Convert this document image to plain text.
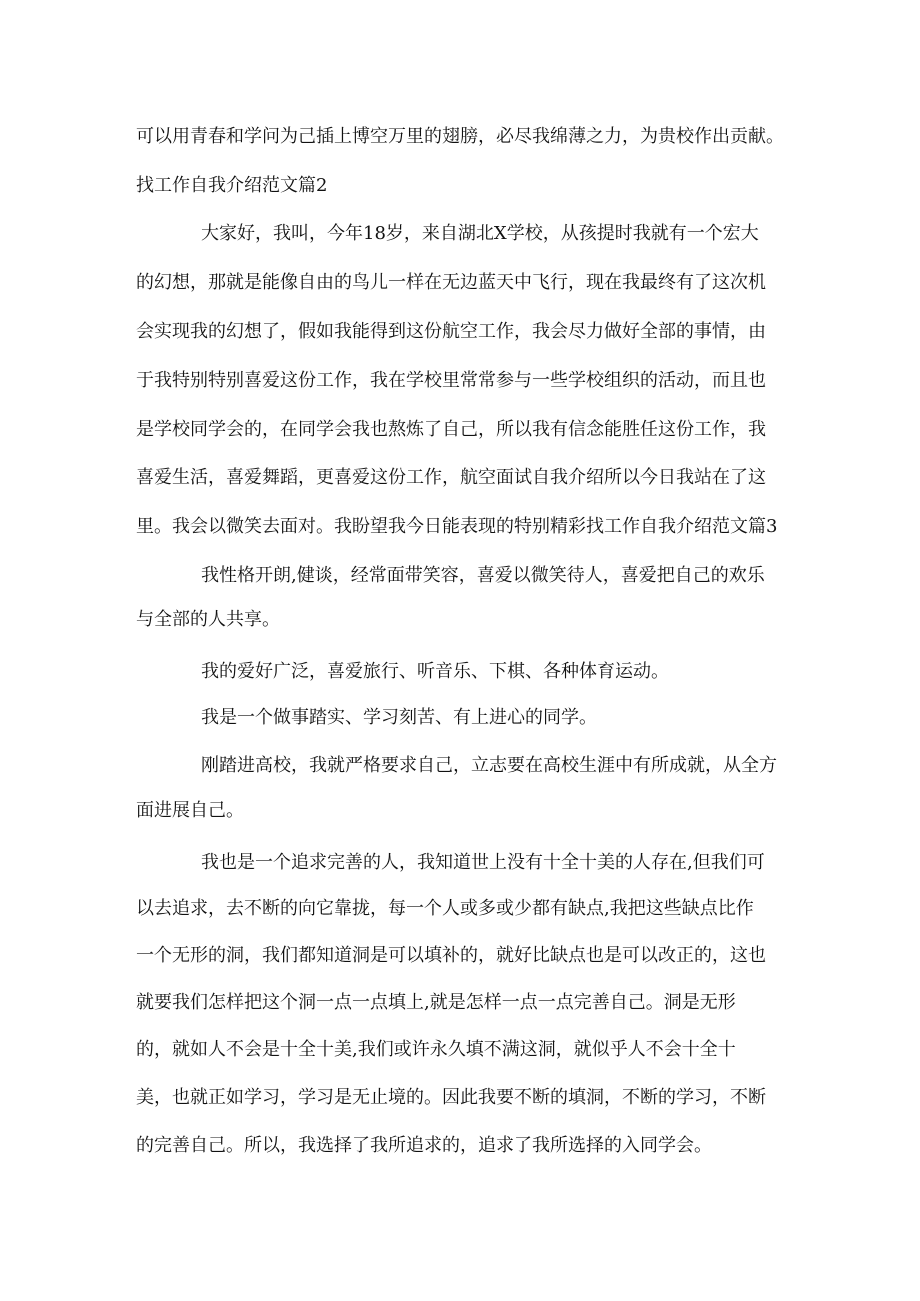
可以用青春和学问为己插上博空万里的翅膀，必尽我绵薄之力，为贵校作出贡献。
找工作自我介绍范文篇2
大家好，我叫，今年18岁，来自湖北X学校，从孩提时我就有一个宏大
的幻想，那就是能像自由的鸟儿一样在无边蓝天中飞行，现在我最终有了这次机
会实现我的幻想了，假如我能得到这份航空工作，我会尽力做好全部的事情，由
于我特别特别喜爱这份工作，我在学校里常常参与一些学校组织的活动，而且也
是学校同学会的，在同学会我也熬炼了自己，所以我有信念能胜任这份工作，我
喜爱生活，喜爱舞蹈，更喜爱这份工作，航空面试自我介绍所以今日我站在了这
里。我会以微笑去面对。我盼望我今日能表现的特别精彩找工作自我介绍范文篇3
我性格开朗,健谈，经常面带笑容，喜爱以微笑待人，喜爱把自己的欢乐
与全部的人共享。
我的爱好广泛，喜爱旅行、听音乐、下棋、各种体育运动。
我是一个做事踏实、学习刻苦、有上进心的同学。
刚踏进高校，我就严格要求自己，立志要在高校生涯中有所成就，从全方
面进展自己。
我也是一个追求完善的人，我知道世上没有十全十美的人存在,但我们可
以去追求，去不断的向它靠拢，每一个人或多或少都有缺点,我把这些缺点比作
一个无形的洞，我们都知道洞是可以填补的，就好比缺点也是可以改正的，这也
就要我们怎样把这个洞一点一点填上,就是怎样一点一点完善自己。洞是无形
的，就如人不会是十全十美,我们或许永久填不满这洞，就似乎人不会十全十
美，也就正如学习，学习是无止境的。因此我要不断的填洞，不断的学习，不断
的完善自己。所以，我选择了我所追求的，追求了我所选择的入同学会。
